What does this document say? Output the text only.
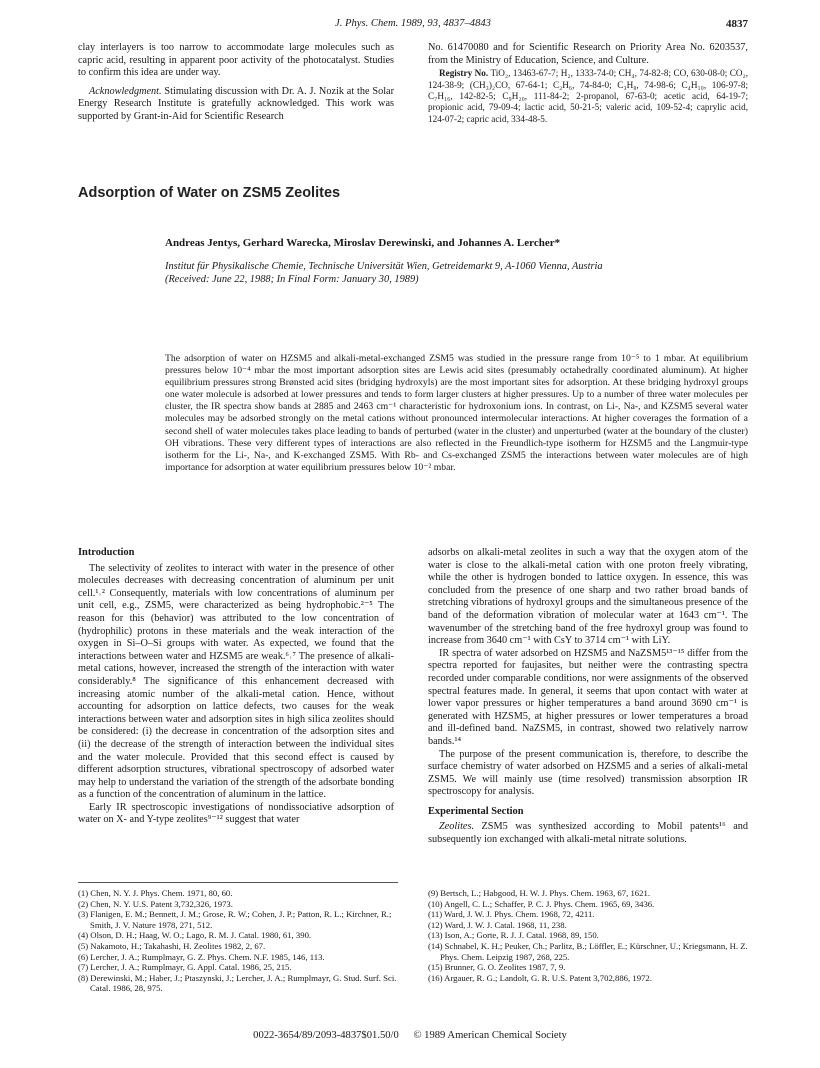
J. Phys. Chem. 1989, 93, 4837–4843	4837

clay interlayers is too narrow to accommodate large molecules such as capric acid, resulting in apparent poor activity of the photocatalyst. Studies to confirm this idea are under way.

Acknowledgment. Stimulating discussion with Dr. A. J. Nozik at the Solar Energy Research Institute is gratefully acknowledged. This work was supported by Grant-in-Aid for Scientific Research

No. 61470080 and for Scientific Research on Priority Area No. 6203537, from the Ministry of Education, Science, and Culture.

Registry No. TiO₂, 13463-67-7; H₂, 1333-74-0; CH₄, 74-82-8; CO, 630-08-0; CO₂, 124-38-9; (CH₃)₂CO, 67-64-1; C₂H₆, 74-84-0; C₃H₈, 74-98-6; C₄H₁₀, 106-97-8; C₇H₁₆, 142-82-5; C₉H₂₀, 111-84-2; 2-propanol, 67-63-0; acetic acid, 64-19-7; propionic acid, 79-09-4; lactic acid, 50-21-5; valeric acid, 109-52-4; caprylic acid, 124-07-2; capric acid, 334-48-5.

Adsorption of Water on ZSM5 Zeolites
Andreas Jentys, Gerhard Warecka, Miroslav Derewinski, and Johannes A. Lercher*
Institut für Physikalische Chemie, Technische Universität Wien, Getreidemarkt 9, A-1060 Vienna, Austria
(Received: June 22, 1988; In Final Form: January 30, 1989)

The adsorption of water on HZSM5 and alkali-metal-exchanged ZSM5 was studied in the pressure range from 10⁻⁵ to 1 mbar. At equilibrium pressures below 10⁻⁴ mbar the most important adsorption sites are Lewis acid sites (presumably octahedrally coordinated aluminum). At higher equilibrium pressures strong Brønsted acid sites (bridging hydroxyls) are the most important sites for adsorption. At these bridging hydroxyl groups one water molecule is adsorbed at lower pressures and tends to form larger clusters at higher pressures. Up to a number of three water molecules per cluster, the IR spectra show bands at 2885 and 2463 cm⁻¹ characteristic for hydroxonium ions. In contrast, on Li-, Na-, and KZSM5 several water molecules may be adsorbed strongly on the metal cations without pronounced intermolecular interactions. At higher coverages the formation of a second shell of water molecules takes place leading to bands of perturbed (water in the cluster) and unperturbed (water at the boundary of the cluster) OH vibrations. These very different types of interactions are also reflected in the Freundlich-type isotherm for HZSM5 and the Langmuir-type isotherm for the Li-, Na-, and K-exchanged ZSM5. With Rb- and Cs-exchanged ZSM5 the interactions between water molecules are of high importance for adsorption at water equilibrium pressures below 10⁻² mbar.

Introduction

The selectivity of zeolites to interact with water in the presence of other molecules decreases with decreasing concentration of aluminum per unit cell.¹˒² Consequently, materials with low concentrations of aluminum per unit cell, e.g., ZSM5, were characterized as being hydrophobic.²⁻⁵ The reason for this (behavior) was attributed to the low concentration of (hydrophilic) protons in these materials and the weak interaction of the oxygen in Si–O–Si groups with water. As expected, we found that the interactions between water and HZSM5 are weak.⁶˒⁷ The presence of alkali-metal cations, however, increased the strength of the interaction with water considerably.⁸ The significance of this enhancement decreased with increasing atomic number of the alkali-metal cation. Hence, without accounting for adsorption on lattice defects, two causes for the weak interactions between water and adsorption sites in high silica zeolites should be considered: (i) the decrease in concentration of the adsorption sites and (ii) the decrease of the strength of interaction between the individual sites and the water molecule. Provided that this second effect is caused by different adsorption structures, vibrational spectroscopy of adsorbed water may help to understand the variation of the strength of the adsorbate bonding as a function of the concentration of aluminum in the lattice.

Early IR spectroscopic investigations of nondissociative adsorption of water on X- and Y-type zeolites⁹⁻¹² suggest that water

adsorbs on alkali-metal zeolites in such a way that the oxygen atom of the water is close to the alkali-metal cation with one proton freely vibrating, while the other is hydrogen bonded to lattice oxygen. In essence, this was concluded from the presence of one sharp and two rather broad bands of stretching vibrations of hydroxyl groups and the simultaneous presence of the band of the deformation vibration of molecular water at 1643 cm⁻¹. The wavenumber of the stretching band of the free hydroxyl group was found to increase from 3640 cm⁻¹ with CsY to 3714 cm⁻¹ with LiY.

IR spectra of water adsorbed on HZSM5 and NaZSM5¹³⁻¹⁵ differ from the spectra reported for faujasites, but neither were the contrasting spectra recorded under comparable conditions, nor were assignments of the observed spectral features made. In general, it seems that upon contact with water at lower vapor pressures or higher temperatures a band around 3690 cm⁻¹ is generated with HZSM5, at higher pressures or lower temperatures a broad and ill-defined band. NaZSM5, in contrast, showed two relatively narrow bands.¹⁴

The purpose of the present communication is, therefore, to describe the surface chemistry of water adsorbed on HZSM5 and a series of alkali-metal ZSM5. We will mainly use (time resolved) transmission absorption IR spectroscopy for analysis.

Experimental Section

Zeolites. ZSM5 was synthesized according to Mobil patents¹⁶ and subsequently ion exchanged with alkali-metal nitrate solutions.

(1) Chen, N. Y. J. Phys. Chem. 1971, 80, 60.
(2) Chen, N. Y. U.S. Patent 3,732,326, 1973.
(3) Flanigen, E. M.; Bennett, J. M.; Grose, R. W.; Cohen, J. P.; Patton, R. L.; Kirchner, R.; Smith, J. V. Nature 1978, 271, 512.
(4) Olson, D. H.; Haag, W. O.; Lago, R. M. J. Catal. 1980, 61, 390.
(5) Nakamoto, H.; Takahashi, H. Zeolites 1982, 2, 67.
(6) Lercher, J. A.; Rumplmayr, G. Z. Phys. Chem. N.F. 1985, 146, 113.
(7) Lercher, J. A.; Rumplmayr, G. Appl. Catal. 1986, 25, 215.
(8) Derewinski, M.; Haber, J.; Ptaszynski, J.; Lercher, J. A.; Rumplmayr, G. Stud. Surf. Sci. Catal. 1986, 28, 975.
(9) Bertsch, L.; Habgood, H. W. J. Phys. Chem. 1963, 67, 1621.
(10) Angell, C. L.; Schaffer, P. C. J. Phys. Chem. 1965, 69, 3436.
(11) Ward, J. W. J. Phys. Chem. 1968, 72, 4211.
(12) Ward, J. W. J. Catal. 1968, 11, 238.
(13) Ison, A.; Gorte, R. J. J. Catal. 1968, 89, 150.
(14) Schnabel, K. H.; Peuker, Ch.; Parlitz, B.; Löffler, E.; Kürschner, U.; Kriegsmann, H. Z. Phys. Chem. Leipzig 1987, 268, 225.
(15) Brunner, G. O. Zeolites 1987, 7, 9.
(16) Argauer, R. G.; Landolt, G. R. U.S. Patent 3,702,886, 1972.
0022-3654/89/2093-4837$01.50/0 © 1989 American Chemical Society
